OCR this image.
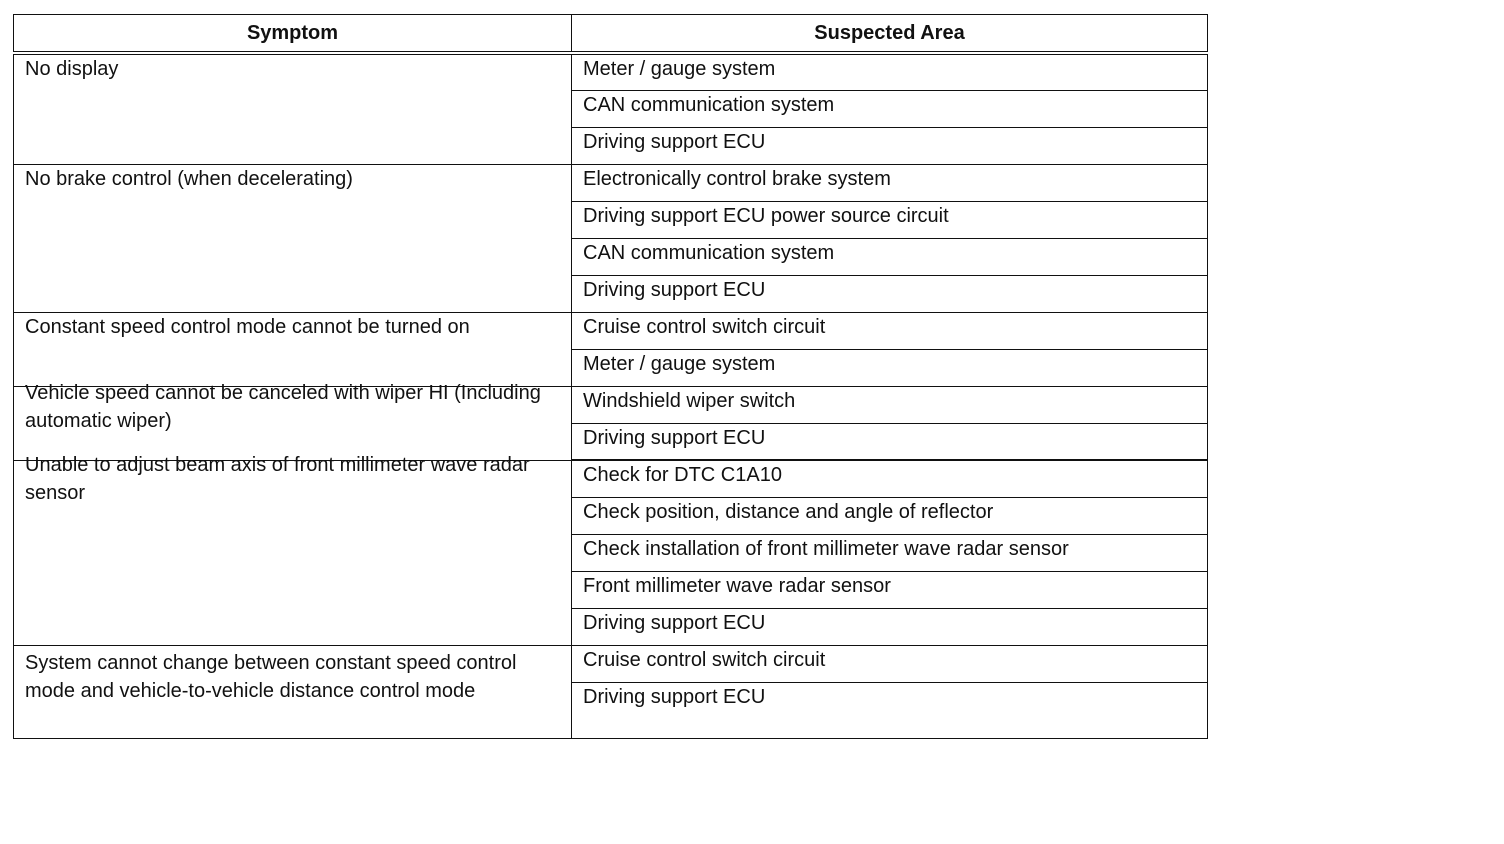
Symptom	Suspected Area

No display	Meter / gauge system
	CAN communication system
	Driving support ECU

No brake control (when decelerating)	Electronically control brake system
	Driving support ECU power source circuit
	CAN communication system
	Driving support ECU

Constant speed control mode cannot be turned on	Cruise control switch circuit
	Meter / gauge system

Vehicle speed cannot be canceled with wiper HI (Including automatic wiper)	Windshield wiper switch
	Driving support ECU

Unable to adjust beam axis of front millimeter wave radar sensor	Check for DTC C1A10
	Check position, distance and angle of reflector
	Check installation of front millimeter wave radar sensor
	Front millimeter wave radar sensor
	Driving support ECU

System cannot change between constant speed control mode and vehicle-to-vehicle distance control mode	Cruise control switch circuit
	Driving support ECU
